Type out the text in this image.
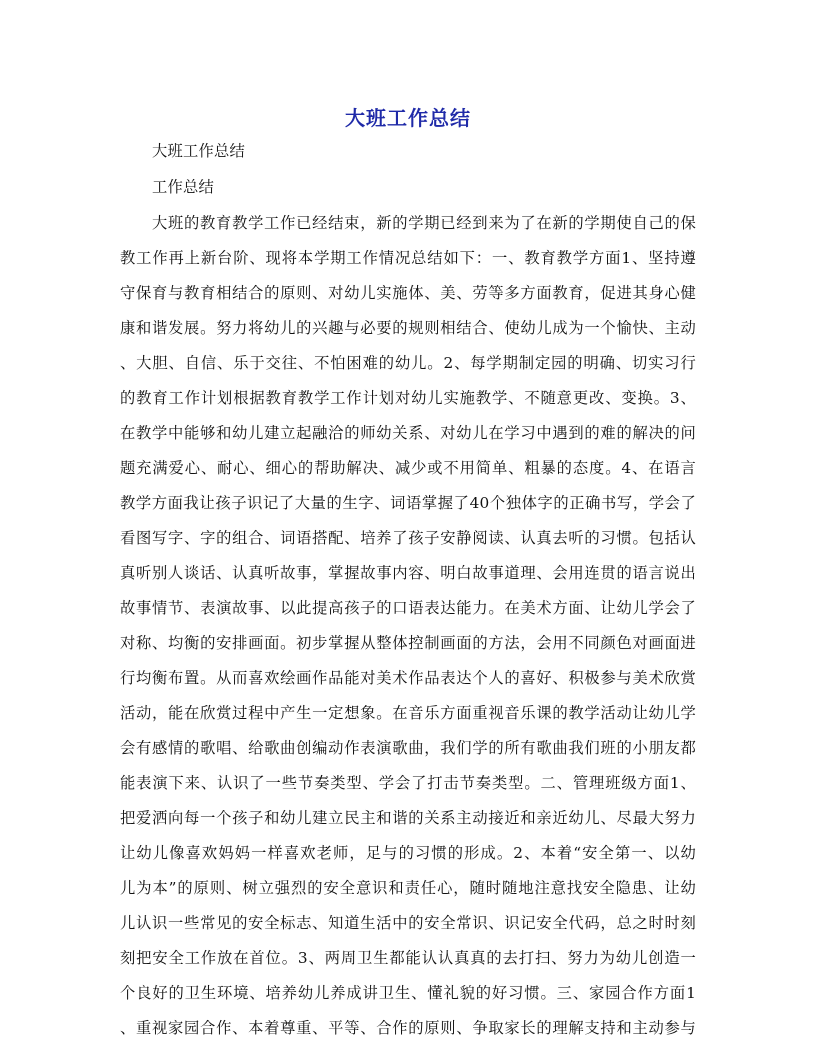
大班工作总结
大班工作总结
工作总结
大班的教育教学工作已经结束，新的学期已经到来为了在新的学期使自己的保
教工作再上新台阶、现将本学期工作情况总结如下：一、教育教学方面1、坚持遵
守保育与教育相结合的原则、对幼儿实施体、美、劳等多方面教育，促进其身心健
康和谐发展。努力将幼儿的兴趣与必要的规则相结合、使幼儿成为一个愉快、主动
、大胆、自信、乐于交往、不怕困难的幼儿。2、每学期制定园的明确、切实习行
的教育工作计划根据教育教学工作计划对幼儿实施教学、不随意更改、变换。3、
在教学中能够和幼儿建立起融洽的师幼关系、对幼儿在学习中遇到的难的解决的问
题充满爱心、耐心、细心的帮助解决、减少或不用简单、粗暴的态度。4、在语言
教学方面我让孩子识记了大量的生字、词语掌握了40个独体字的正确书写，学会了
看图写字、字的组合、词语搭配、培养了孩子安静阅读、认真去听的习惯。包括认
真听别人谈话、认真听故事，掌握故事内容、明白故事道理、会用连贯的语言说出
故事情节、表演故事、以此提高孩子的口语表达能力。在美术方面、让幼儿学会了
对称、均衡的安排画面。初步掌握从整体控制画面的方法，会用不同颜色对画面进
行均衡布置。从而喜欢绘画作品能对美术作品表达个人的喜好、积极参与美术欣赏
活动，能在欣赏过程中产生一定想象。在音乐方面重视音乐课的教学活动让幼儿学
会有感情的歌唱、给歌曲创编动作表演歌曲，我们学的所有歌曲我们班的小朋友都
能表演下来、认识了一些节奏类型、学会了打击节奏类型。二、管理班级方面1、
把爱洒向每一个孩子和幼儿建立民主和谐的关系主动接近和亲近幼儿、尽最大努力
让幼儿像喜欢妈妈一样喜欢老师，足与的习惯的形成。2、本着“安全第一、以幼
儿为本”的原则、树立强烈的安全意识和责任心，随时随地注意找安全隐患、让幼
儿认识一些常见的安全标志、知道生活中的安全常识、识记安全代码，总之时时刻
刻把安全工作放在首位。3、两周卫生都能认认真真的去打扫、努力为幼儿创造一
个良好的卫生环境、培养幼儿养成讲卫生、懂礼貌的好习惯。三、家园合作方面1
、重视家园合作、本着尊重、平等、合作的原则、争取家长的理解支持和主动参与
